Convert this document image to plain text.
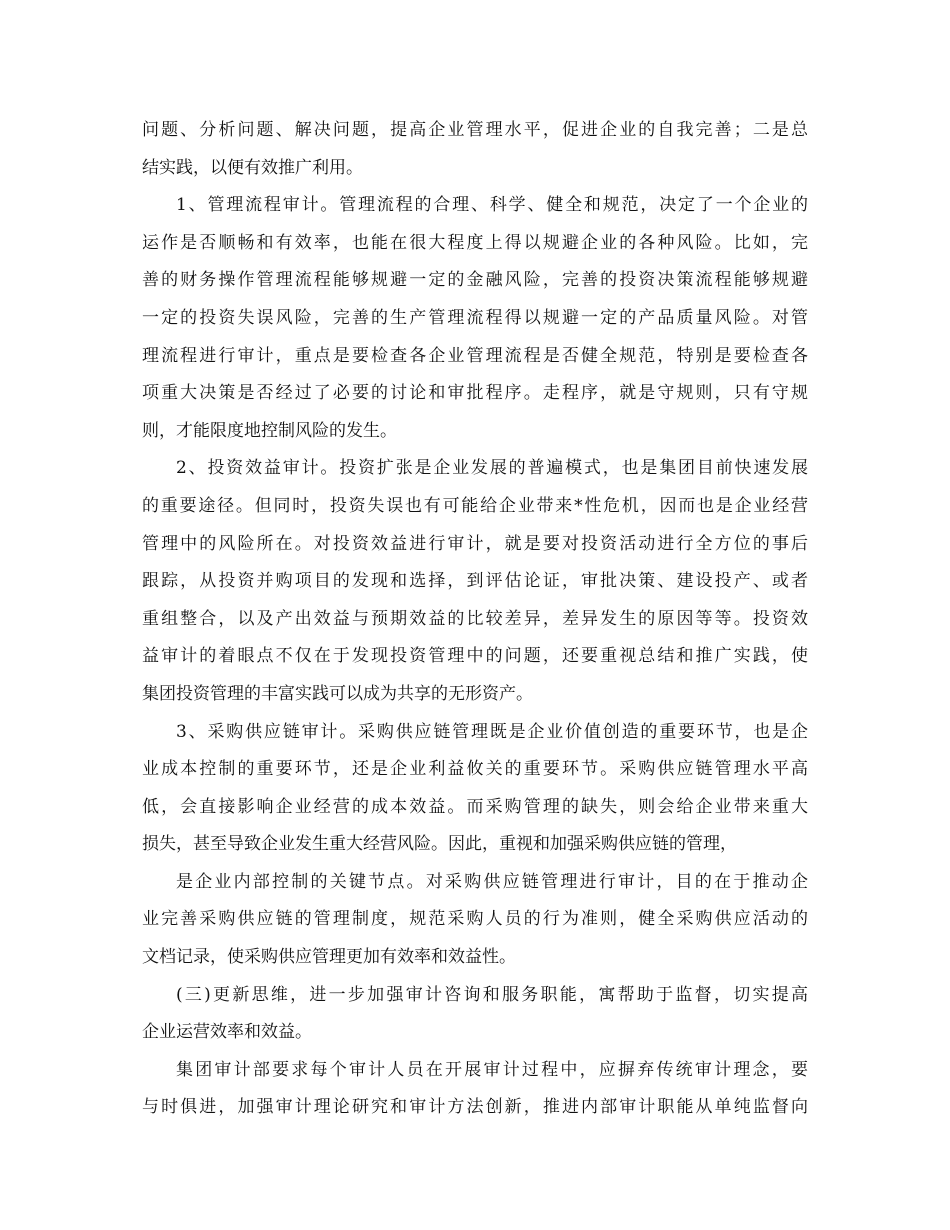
问题、分析问题、解决问题，提高企业管理水平，促进企业的自我完善；二是总
结实践，以便有效推广利用。
1、管理流程审计。管理流程的合理、科学、健全和规范，决定了一个企业的
运作是否顺畅和有效率，也能在很大程度上得以规避企业的各种风险。比如，完
善的财务操作管理流程能够规避一定的金融风险，完善的投资决策流程能够规避
一定的投资失误风险，完善的生产管理流程得以规避一定的产品质量风险。对管
理流程进行审计，重点是要检查各企业管理流程是否健全规范，特别是要检查各
项重大决策是否经过了必要的讨论和审批程序。走程序，就是守规则，只有守规
则，才能限度地控制风险的发生。
2、投资效益审计。投资扩张是企业发展的普遍模式，也是集团目前快速发展
的重要途径。但同时，投资失误也有可能给企业带来*性危机，因而也是企业经营
管理中的风险所在。对投资效益进行审计，就是要对投资活动进行全方位的事后
跟踪，从投资并购项目的发现和选择，到评估论证，审批决策、建设投产、或者
重组整合，以及产出效益与预期效益的比较差异，差异发生的原因等等。投资效
益审计的着眼点不仅在于发现投资管理中的问题，还要重视总结和推广实践，使
集团投资管理的丰富实践可以成为共享的无形资产。
3、采购供应链审计。采购供应链管理既是企业价值创造的重要环节，也是企
业成本控制的重要环节，还是企业利益攸关的重要环节。采购供应链管理水平高
低，会直接影响企业经营的成本效益。而采购管理的缺失，则会给企业带来重大
损失，甚至导致企业发生重大经营风险。因此，重视和加强采购供应链的管理，
是企业内部控制的关键节点。对采购供应链管理进行审计，目的在于推动企
业完善采购供应链的管理制度，规范采购人员的行为准则，健全采购供应活动的
文档记录，使采购供应管理更加有效率和效益性。
(三)更新思维，进一步加强审计咨询和服务职能，寓帮助于监督，切实提高
企业运营效率和效益。
集团审计部要求每个审计人员在开展审计过程中，应摒弃传统审计理念，要
与时俱进，加强审计理论研究和审计方法创新，推进内部审计职能从单纯监督向
